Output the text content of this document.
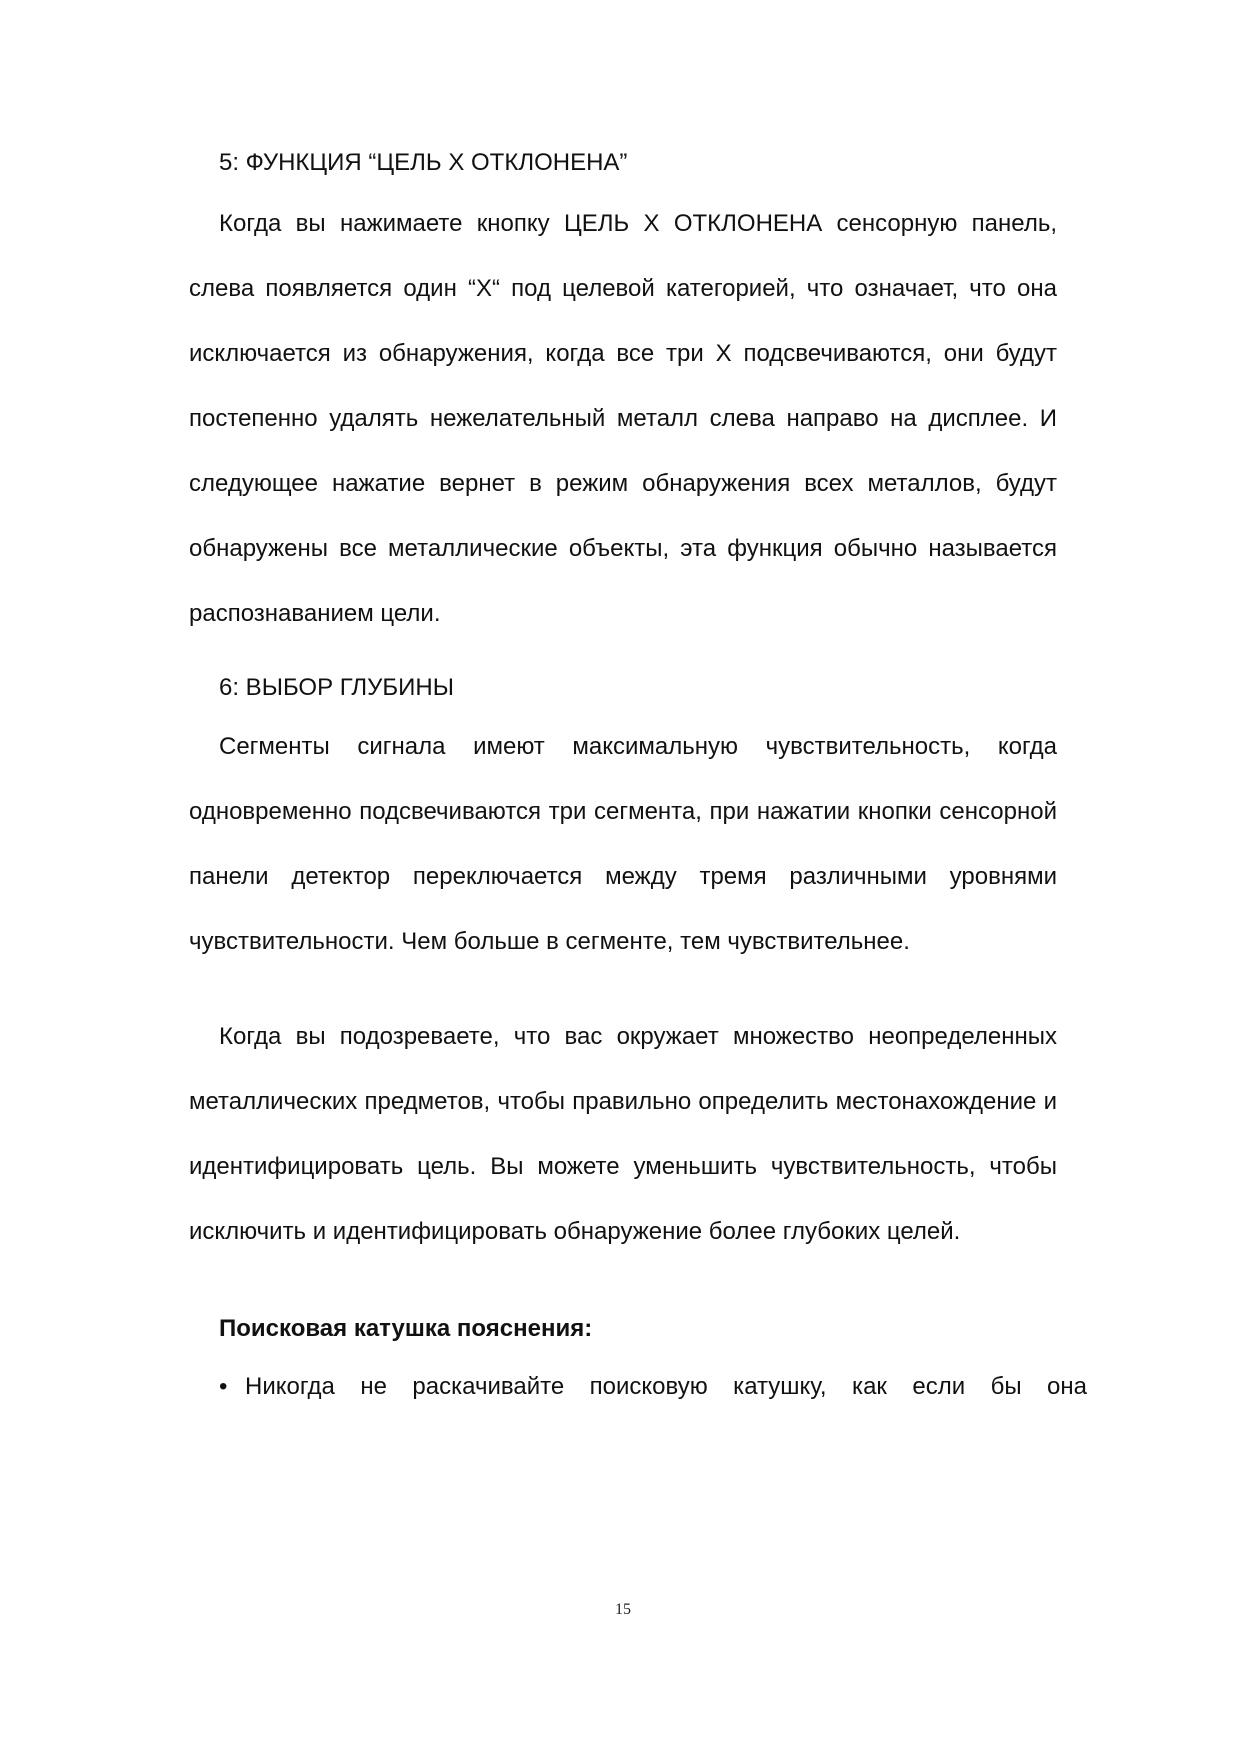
5: ФУНКЦИЯ “ЦЕЛЬ X ОТКЛОНЕНА”
Когда вы нажимаете кнопку ЦЕЛЬ X ОТКЛОНЕНА сенсорную панель, слева появляется один “X“ под целевой категорией, что означает, что она исключается из обнаружения, когда все три X подсвечиваются, они будут постепенно удалять нежелательный металл слева направо на дисплее. И следующее нажатие вернет в режим обнаружения всех металлов, будут обнаружены все металлические объекты, эта функция обычно называется распознаванием цели.
6: ВЫБОР ГЛУБИНЫ
Сегменты сигнала имеют максимальную чувствительность, когда одновременно подсвечиваются три сегмента, при нажатии кнопки сенсорной панели детектор переключается между тремя различными уровнями чувствительности. Чем больше в сегменте, тем чувствительнее.
Когда вы подозреваете, что вас окружает множество неопределенных металлических предметов, чтобы правильно определить местонахождение и идентифицировать цель. Вы можете уменьшить чувствительность, чтобы исключить и идентифицировать обнаружение более глубоких целей.
Поисковая катушка пояснения:
• Никогда не раскачивайте поисковую катушку, как если бы она
15
